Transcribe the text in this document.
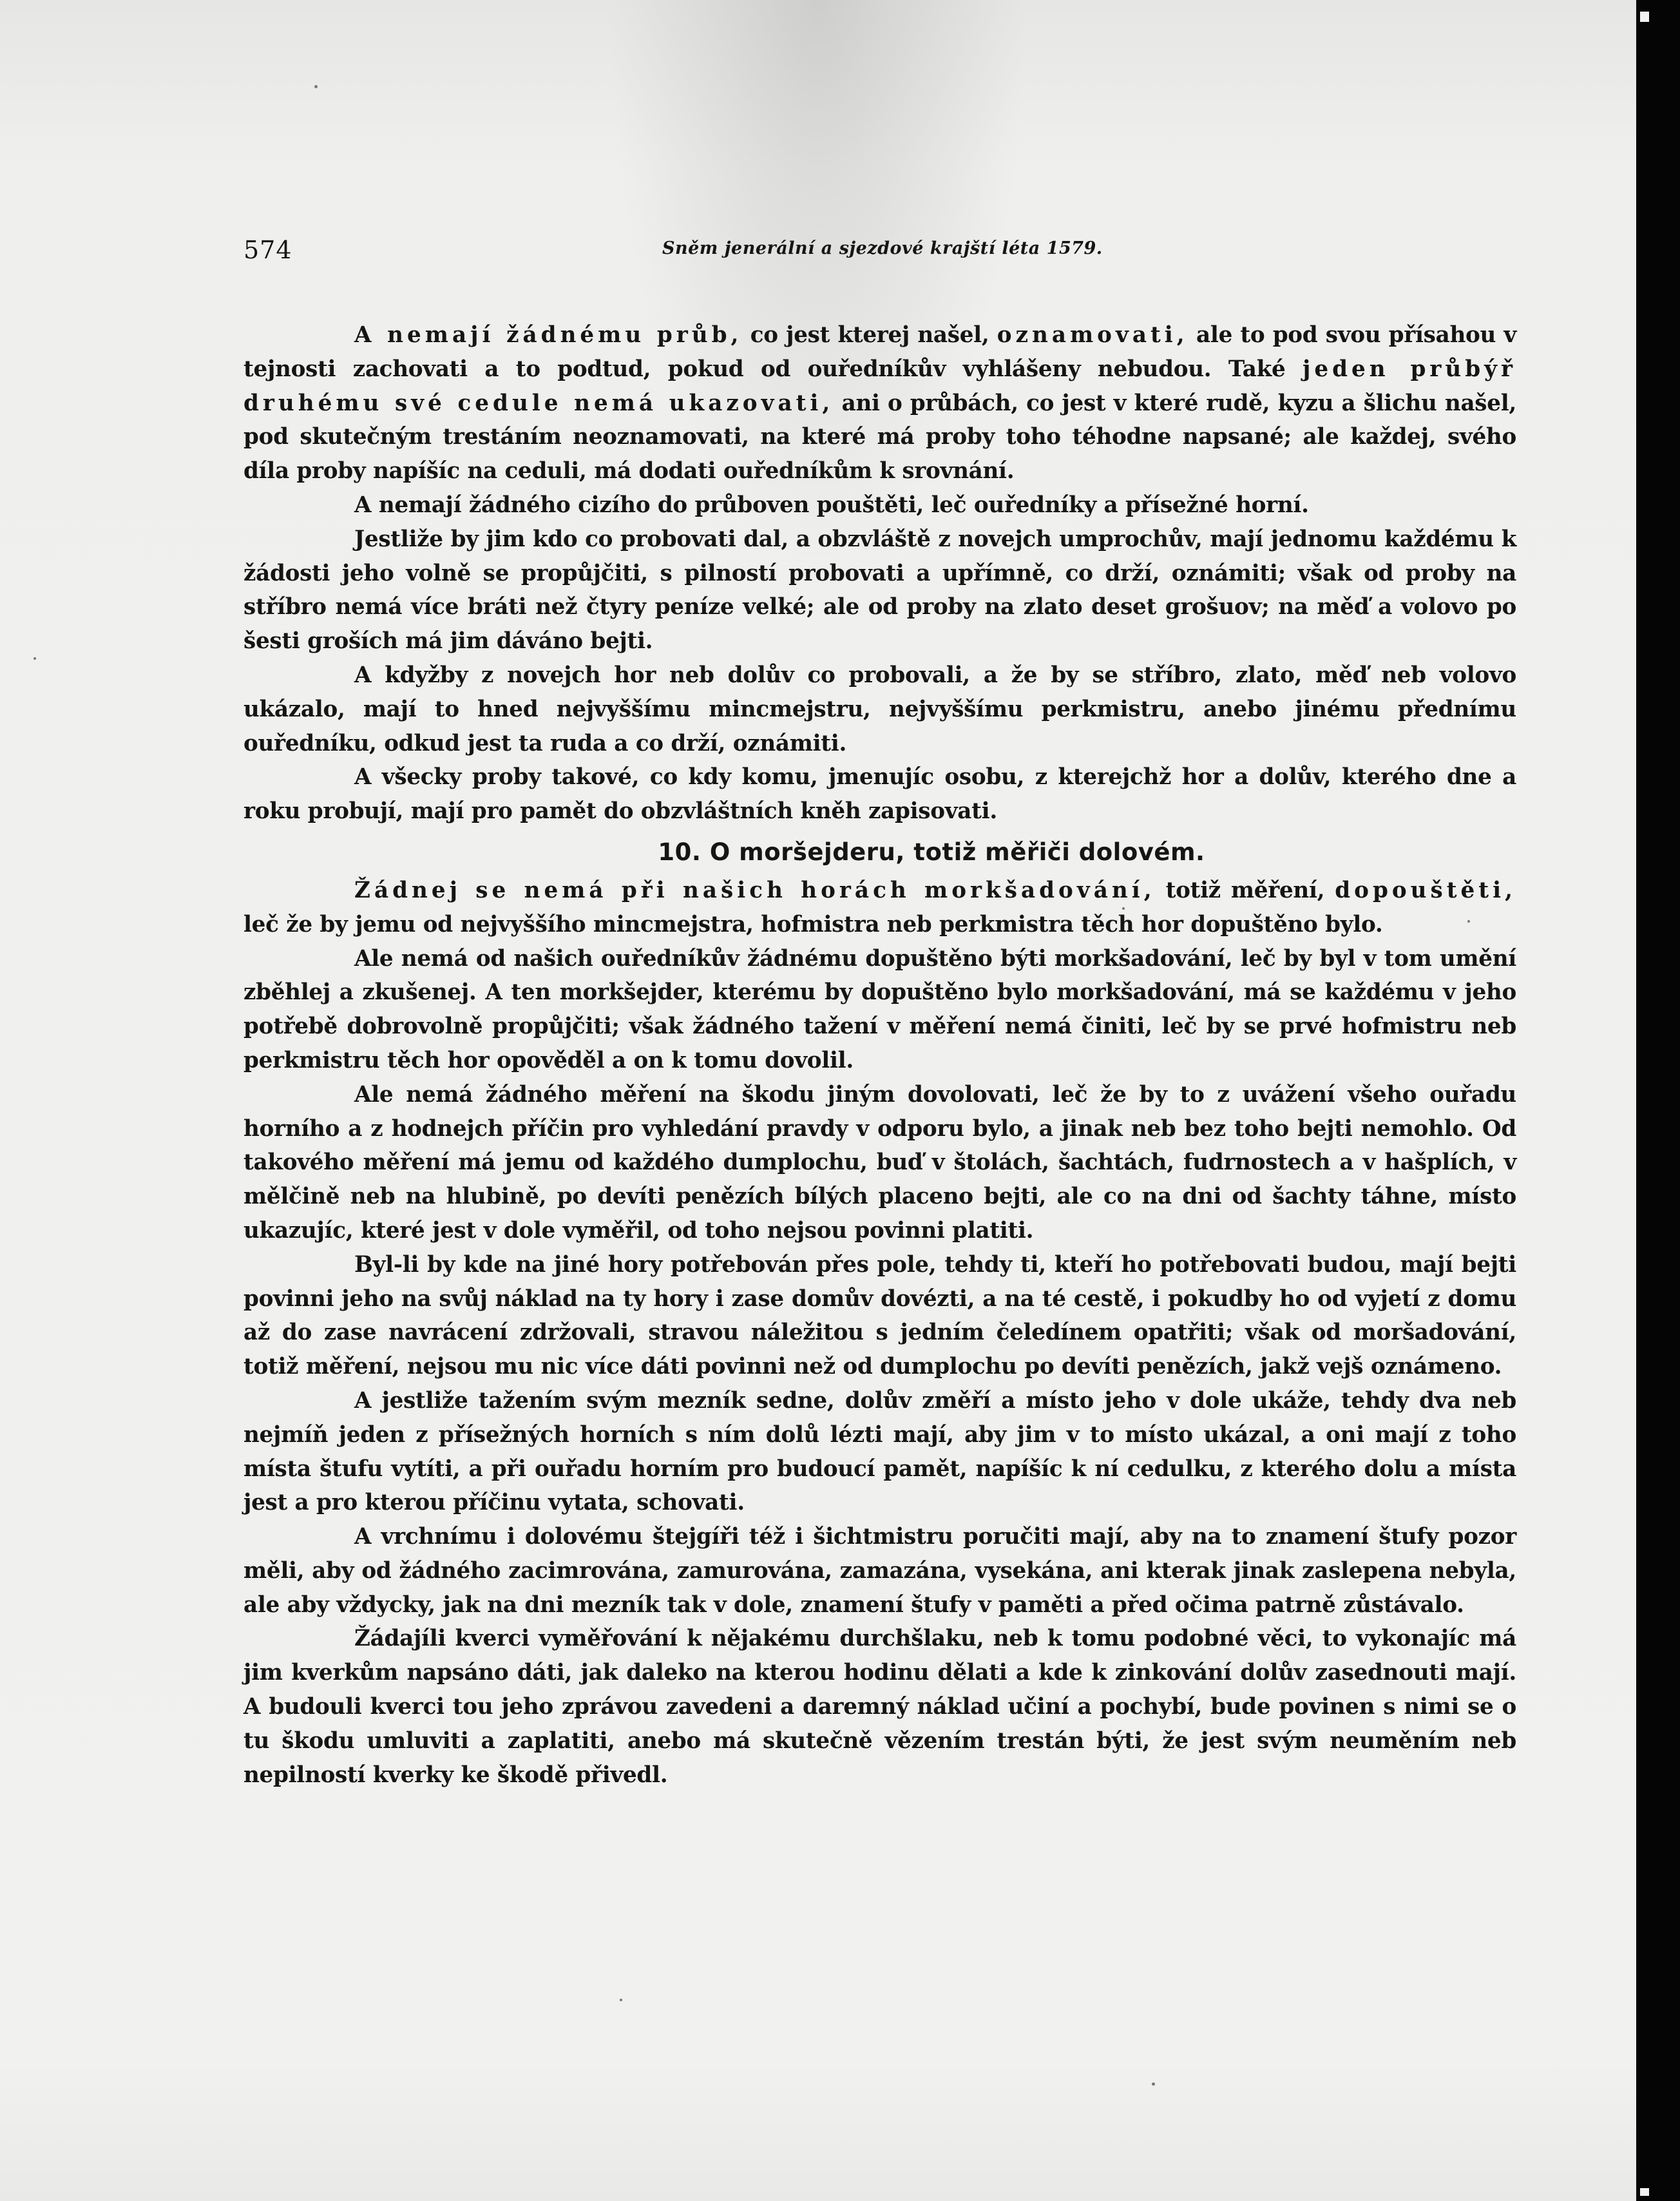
574	Sněm jenerální a sjezdové krajští léta 1579.

A nemají žádnému průb, co jest kterej našel, oznamovati, ale to pod svou přísahou v tejnosti zachovati a to podtud, pokud od ouředníkův vyhlášeny nebudou. Také jeden průbýř druhému své cedule nemá ukazovati, ani o průbách, co jest v které rudě, kyzu a šlichu našel, pod skutečným trestáním neoznamovati, na které má proby toho téhodne napsané; ale každej, svého díla proby napíšíc na ceduli, má dodati ouředníkům k srovnání.

A nemají žádného cizího do průboven pouštěti, leč ouředníky a přísežné horní.

Jestliže by jim kdo co probovati dal, a obzvláště z novejch umprochův, mají jednomu každému k žádosti jeho volně se propůjčiti, s pilností probovati a upřímně, co drží, oznámiti; však od proby na stříbro nemá více bráti než čtyry peníze velké; ale od proby na zlato deset grošuov; na měď a volovo po šesti groších má jim dáváno bejti.

A kdyžby z novejch hor neb dolův co probovali, a že by se stříbro, zlato, měď neb volovo ukázalo, mají to hned nejvyššímu mincmejstru, nejvyššímu perkmistru, anebo jinému přednímu ouředníku, odkud jest ta ruda a co drží, oznámiti.

A všecky proby takové, co kdy komu, jmenujíc osobu, z kterejchž hor a dolův, kterého dne a roku probují, mají pro pamět do obzvláštních kněh zapisovati.

10. O moršejderu, totiž měřiči dolovém.

Žádnej se nemá při našich horách morkšadování, totiž měření, dopouštěti, leč že by jemu od nejvyššího mincmejstra, hofmistra neb perkmistra těch hor dopuštěno bylo.

Ale nemá od našich ouředníkův žádnému dopuštěno býti morkšadování, leč by byl v tom umění zběhlej a zkušenej. A ten morkšejder, kterému by dopuštěno bylo morkšadování, má se každému v jeho potřebě dobrovolně propůjčiti; však žádného tažení v měření nemá činiti, leč by se prvé hofmistru neb perkmistru těch hor opověděl a on k tomu dovolil.

Ale nemá žádného měření na škodu jiným dovolovati, leč že by to z uvážení všeho ouřadu horního a z hodnejch příčin pro vyhledání pravdy v odporu bylo, a jinak neb bez toho bejti nemohlo. Od takového měření má jemu od každého dumplochu, buď v štolách, šachtách, fudrnostech a v hašplích, v mělčině neb na hlubině, po devíti penězích bílých placeno bejti, ale co na dni od šachty táhne, místo ukazujíc, které jest v dole vyměřil, od toho nejsou povinni platiti.

Byl-li by kde na jiné hory potřebován přes pole, tehdy ti, kteří ho potřebovati budou, mají bejti povinni jeho na svůj náklad na ty hory i zase domův dovézti, a na té cestě, i pokudby ho od vyjetí z domu až do zase navrácení zdržovali, stravou náležitou s jedním čeledínem opatřiti; však od moršadování, totiž měření, nejsou mu nic více dáti povinni než od dumplochu po devíti penězích, jakž vejš oznámeno.

A jestliže tažením svým mezník sedne, dolův změří a místo jeho v dole ukáže, tehdy dva neb nejmíň jeden z přísežných horních s ním dolů lézti mají, aby jim v to místo ukázal, a oni mají z toho místa štufu vytíti, a při ouřadu horním pro budoucí pamět, napíšíc k ní cedulku, z kterého dolu a místa jest a pro kterou příčinu vytata, schovati.

A vrchnímu i dolovému štejgíři též i šichtmistru poručiti mají, aby na to znamení štufy pozor měli, aby od žádného zacimrována, zamurována, zamazána, vysekána, ani kterak jinak zaslepena nebyla, ale aby vždycky, jak na dni mezník tak v dole, znamení štufy v paměti a před očima patrně zůstávalo.

Žádajíli kverci vyměřování k nějakému durchšlaku, neb k tomu podobné věci, to vykonajíc má jim kverkům napsáno dáti, jak daleko na kterou hodinu dělati a kde k zinkování dolův zasednouti mají. A budouli kverci tou jeho zprávou zavedeni a daremný náklad učiní a pochybí, bude povinen s nimi se o tu škodu umluviti a zaplatiti, anebo má skutečně vězením trestán býti, že jest svým neuměním neb nepilností kverky ke škodě přivedl.
